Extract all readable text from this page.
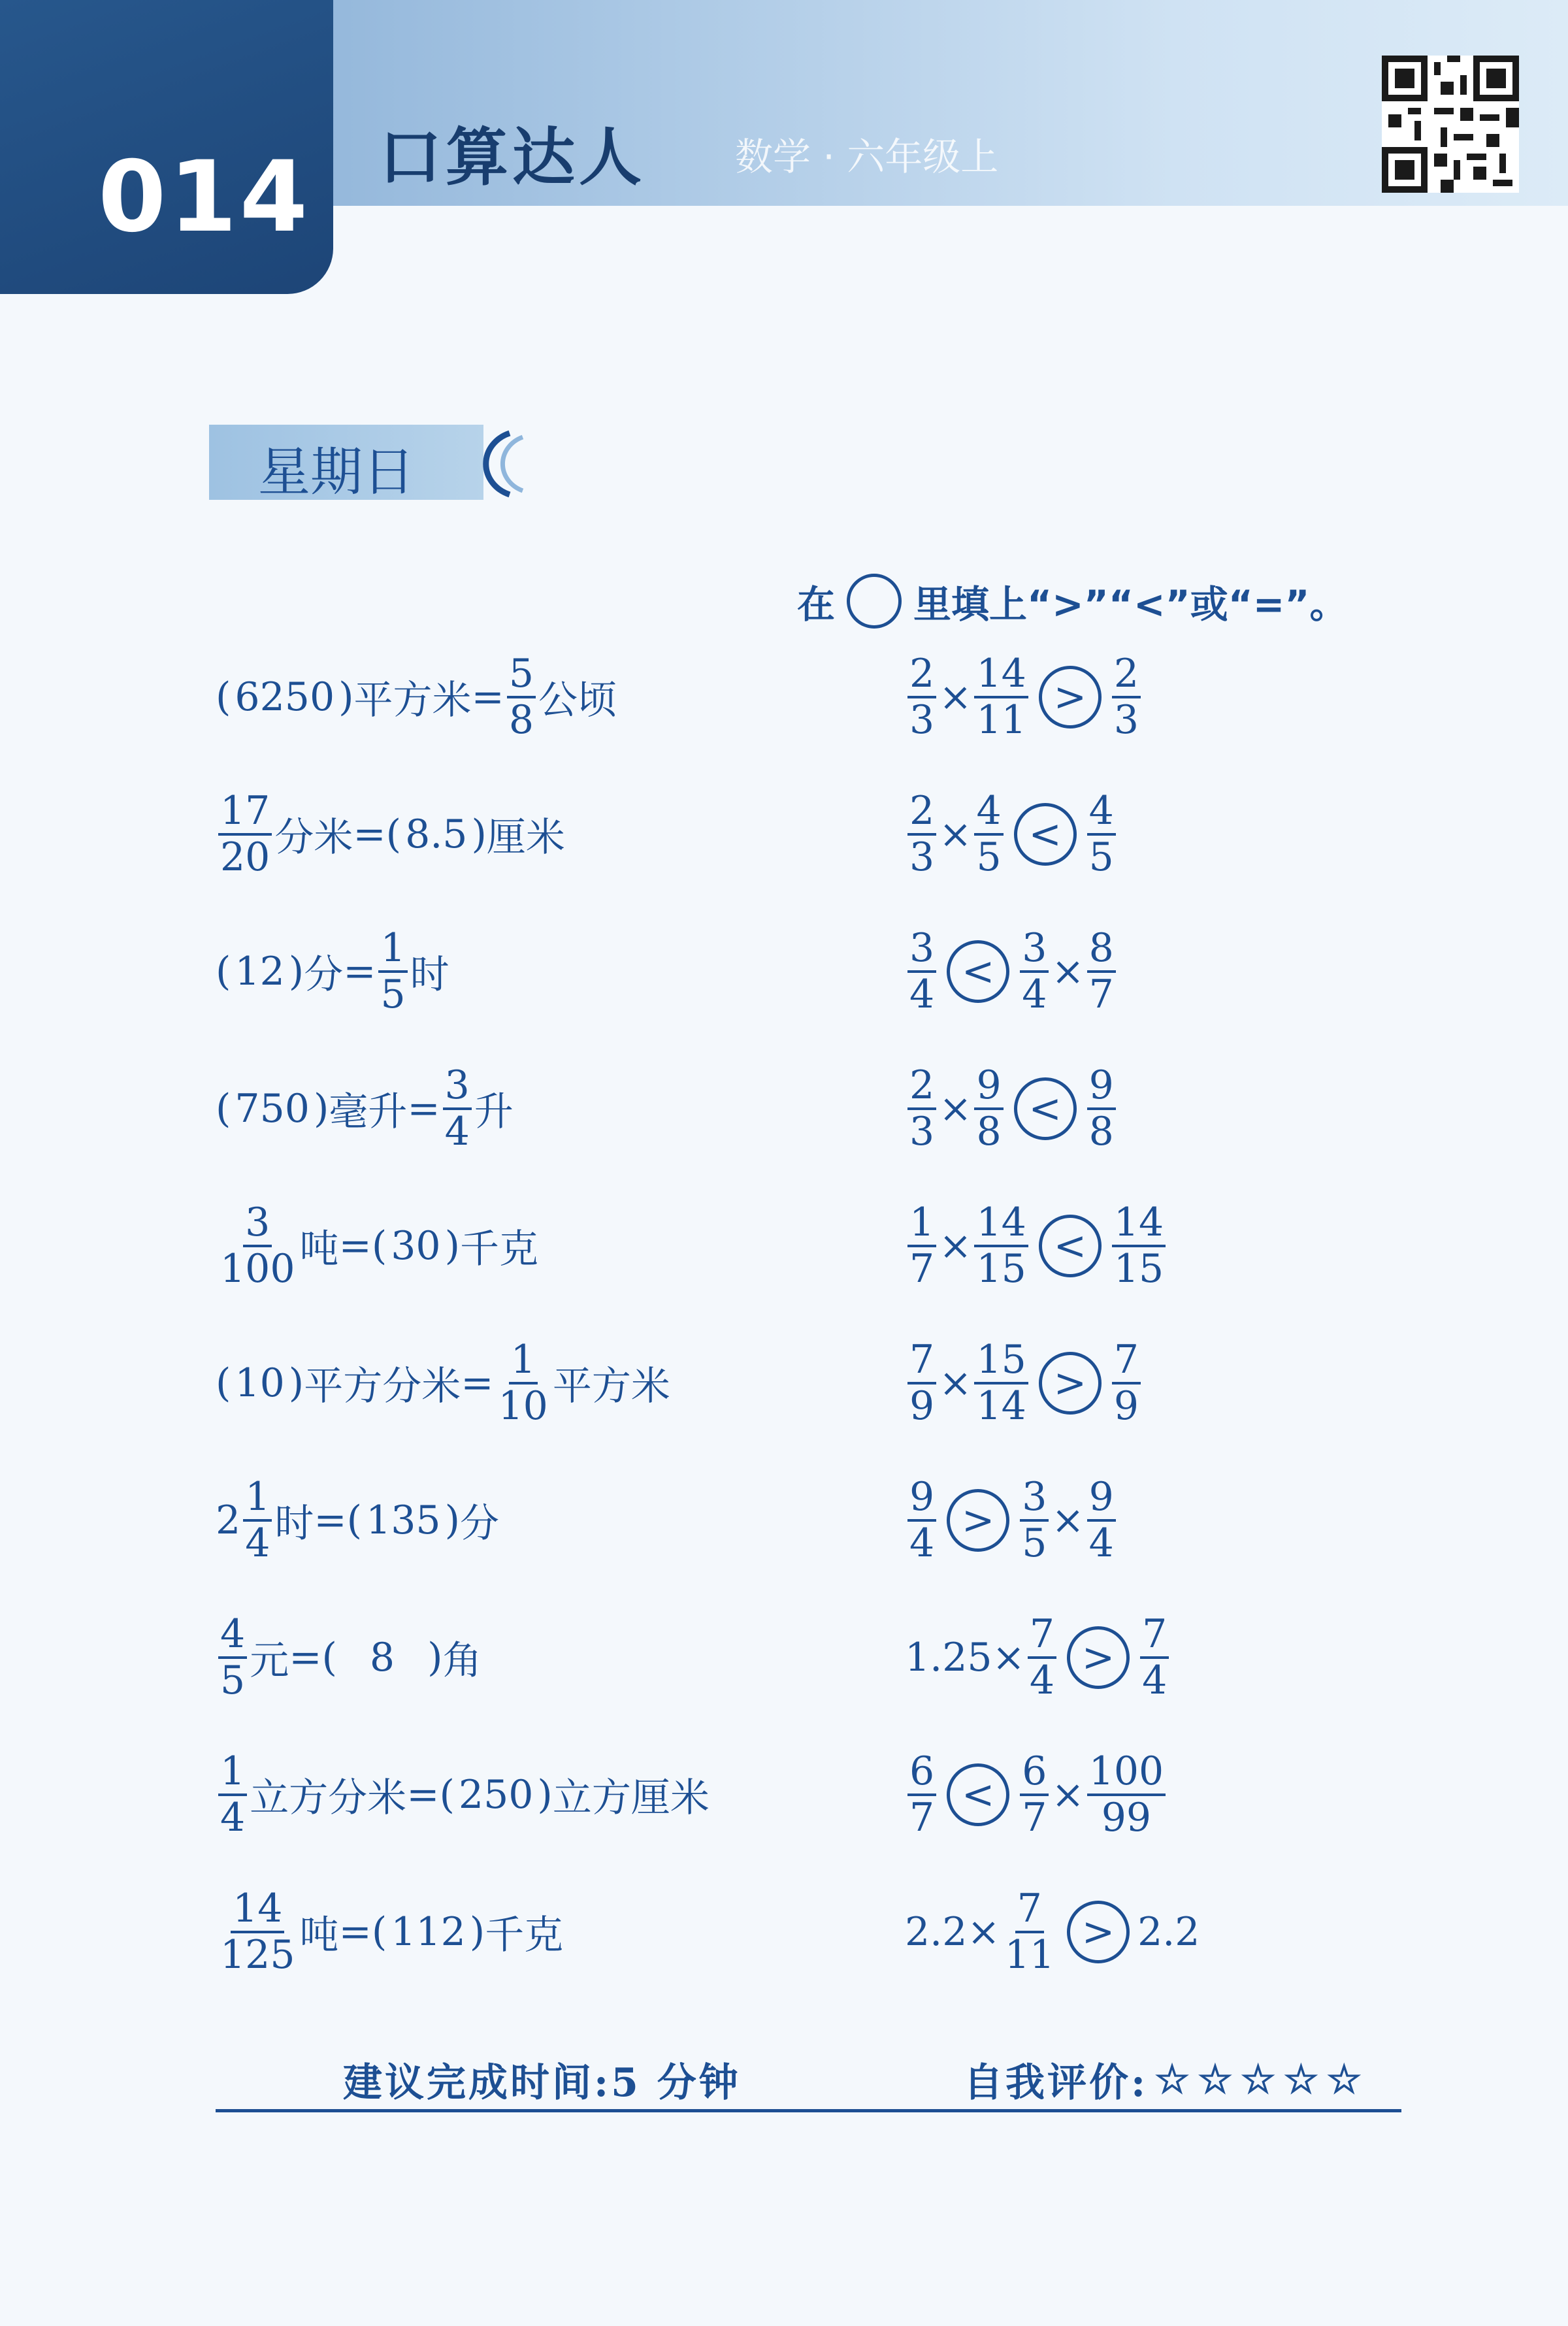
014 口算达人 数学 · 六年级上
星期日
在 里填上“>”“<”或“=”。
( 6250 ) 平方米 = $\frac{5}{8}$ 公顷
$\frac{17}{20}$ 分米 = ( 8.5 ) 厘米
( 12 ) 分 = $\frac{1}{5}$ 时
( 750 ) 毫升 = $\frac{3}{4}$ 升
$\frac{3}{100}$ 吨 = ( 30 ) 千克
( 10 ) 平方分米 = $\frac{1}{10}$ 平方米
$2 \frac{1}{4}$ 时 = ( 135 ) 分
$\frac{4}{5}$ 元 = ( 8 ) 角
$\frac{1}{4}$ 立方分米 = ( 250 ) 立方厘米
$\frac{14}{125}$ 吨 = ( 112 ) 千克
$\frac{2}{3} \times \frac{14}{11} > \frac{2}{3}$
$\frac{2}{3} \times \frac{4}{5} < \frac{4}{5}$
$\frac{3}{4} < \frac{3}{4} \times \frac{8}{7}$
$\frac{2}{3} \times \frac{9}{8} < \frac{9}{8}$
$\frac{1}{7} \times \frac{14}{15} < \frac{14}{15}$
$\frac{7}{9} \times \frac{15}{14} > \frac{7}{9}$
$\frac{9}{4} > \frac{3}{5} \times \frac{9}{4}$
$1.25 \times \frac{7}{4} > \frac{7}{4}$
$\frac{6}{7} < \frac{6}{7} \times \frac{100}{99}$
$2.2 \times \frac{7}{11} > 2.2$
建议完成时间:5 分钟	自我评价: ☆☆☆☆☆
